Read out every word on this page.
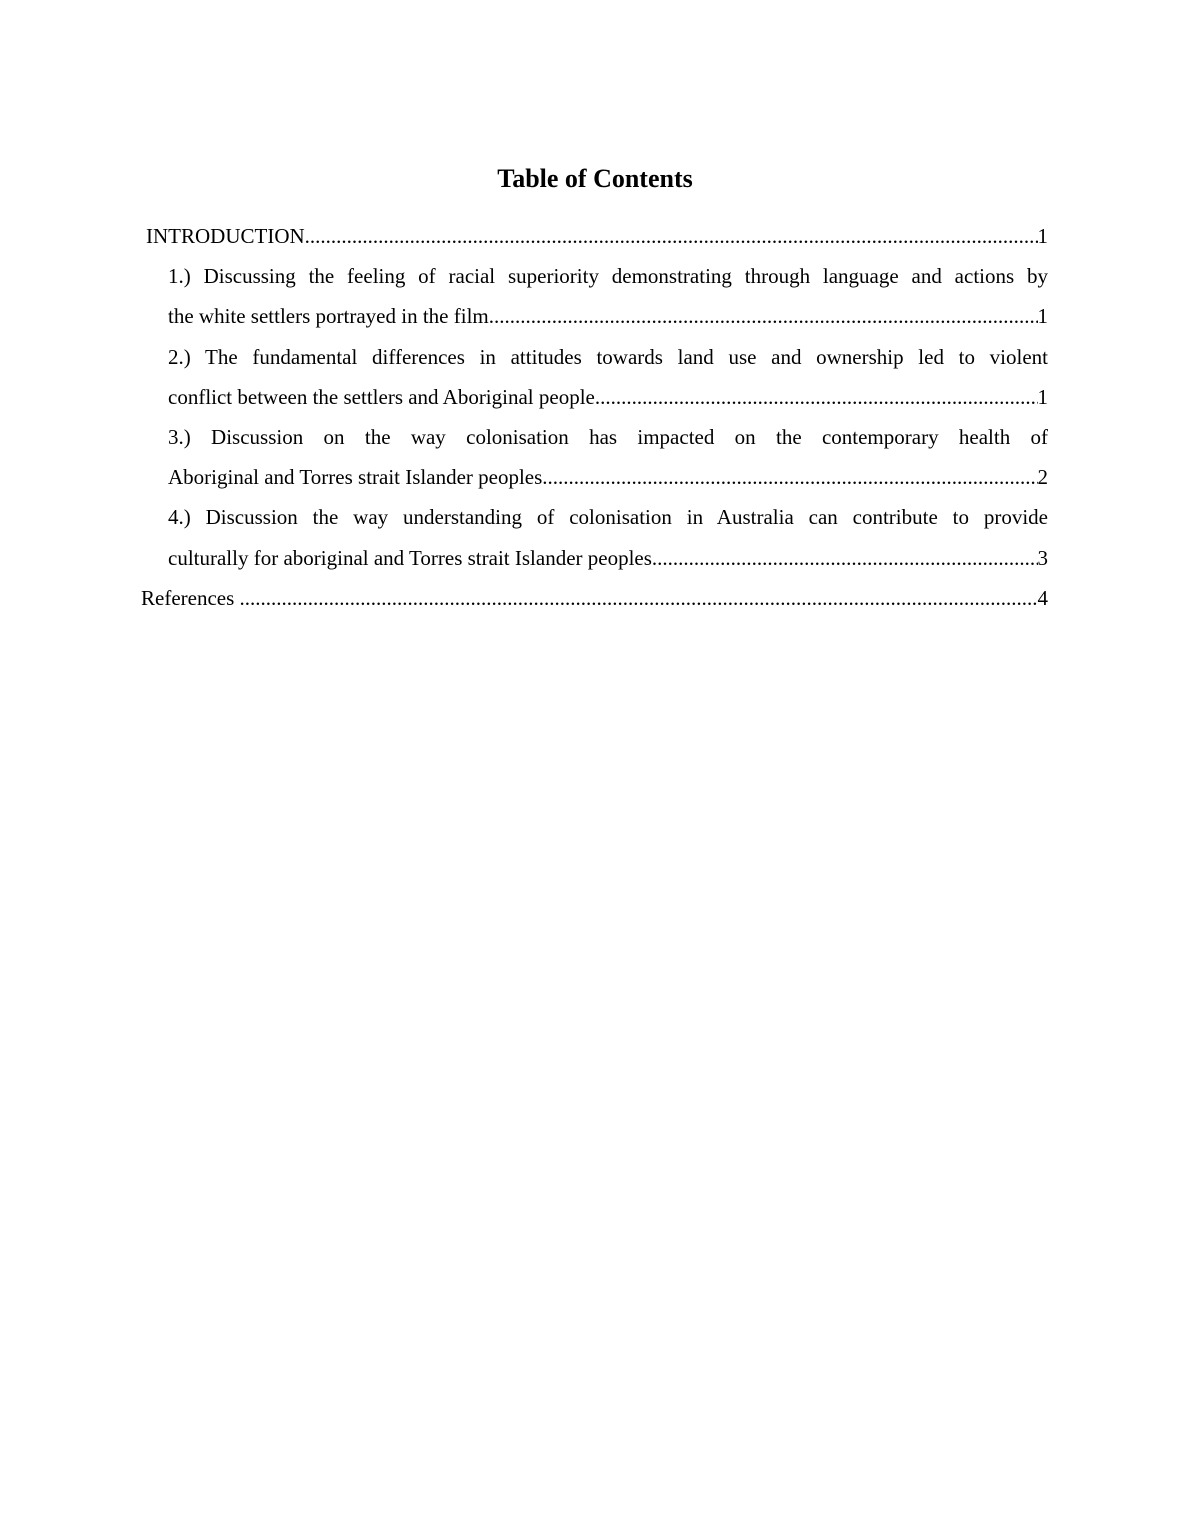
Table of Contents
INTRODUCTION .....	1
1.) Discussing the feeling of racial superiority demonstrating through language and actions by
the white settlers portrayed in the film. .....	1
2.) The fundamental differences in attitudes towards land use and ownership led to violent
conflict between the settlers and Aboriginal people. .....	1
3.) Discussion on the way colonisation has impacted on the contemporary health of
Aboriginal and Torres strait Islander peoples. .....	2
4.) Discussion the way understanding of colonisation in Australia can contribute to provide
culturally for aboriginal and Torres strait Islander peoples. .....	3
References .....	4
